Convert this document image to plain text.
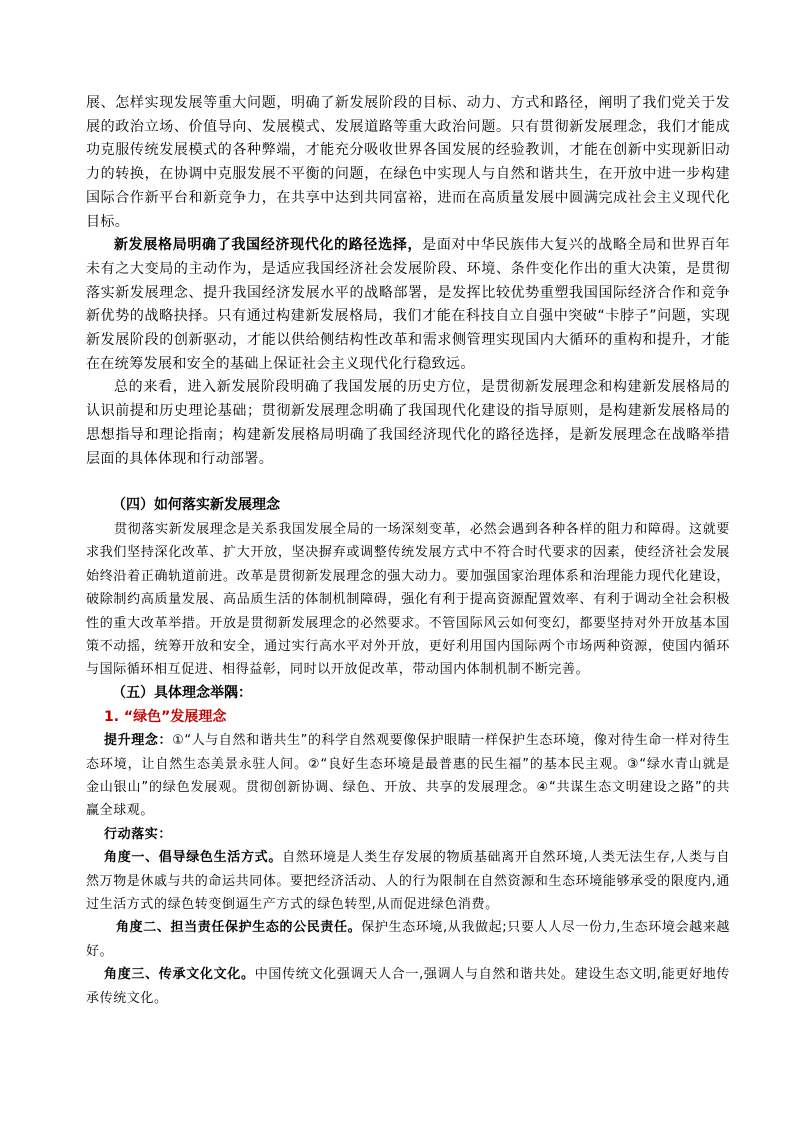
展、怎样实现发展等重大问题，明确了新发展阶段的目标、动力、方式和路径，阐明了我们党关于发展的政治立场、价值导向、发展模式、发展道路等重大政治问题。只有贯彻新发展理念，我们才能成功克服传统发展模式的各种弊端，才能充分吸收世界各国发展的经验教训，才能在创新中实现新旧动力的转换，在协调中克服发展不平衡的问题，在绿色中实现人与自然和谐共生，在开放中进一步构建国际合作新平台和新竞争力，在共享中达到共同富裕，进而在高质量发展中圆满完成社会主义现代化目标。

新发展格局明确了我国经济现代化的路径选择，是面对中华民族伟大复兴的战略全局和世界百年未有之大变局的主动作为，是适应我国经济社会发展阶段、环境、条件变化作出的重大决策，是贯彻落实新发展理念、提升我国经济发展水平的战略部署，是发挥比较优势重塑我国国际经济合作和竞争新优势的战略抉择。只有通过构建新发展格局，我们才能在科技自立自强中突破“卡脖子”问题，实现新发展阶段的创新驱动，才能以供给侧结构性改革和需求侧管理实现国内大循环的重构和提升，才能在在统筹发展和安全的基础上保证社会主义现代化行稳致远。

总的来看，进入新发展阶段明确了我国发展的历史方位，是贯彻新发展理念和构建新发展格局的认识前提和历史理论基础；贯彻新发展理念明确了我国现代化建设的指导原则，是构建新发展格局的思想指导和理论指南；构建新发展格局明确了我国经济现代化的路径选择，是新发展理念在战略举措层面的具体体现和行动部署。

（四）如何落实新发展理念

贯彻落实新发展理念是关系我国发展全局的一场深刻变革，必然会遇到各种各样的阻力和障碍。这就要求我们坚持深化改革、扩大开放，坚决摒弃或调整传统发展方式中不符合时代要求的因素，使经济社会发展始终沿着正确轨道前进。改革是贯彻新发展理念的强大动力。要加强国家治理体系和治理能力现代化建设，破除制约高质量发展、高品质生活的体制机制障碍，强化有利于提高资源配置效率、有利于调动全社会积极性的重大改革举措。开放是贯彻新发展理念的必然要求。不管国际风云如何变幻，都要坚持对外开放基本国策不动摇，统筹开放和安全，通过实行高水平对外开放，更好利用国内国际两个市场两种资源，使国内循环与国际循环相互促进、相得益彰，同时以开放促改革，带动国内体制机制不断完善。

（五）具体理念举隅：

1. “绿色”发展理念

提升理念：①“人与自然和谐共生”的科学自然观要像保护眼睛一样保护生态环境，像对待生命一样对待生态环境，让自然生态美景永驻人间。②“良好生态环境是最普惠的民生福”的基本民主观。③“绿水青山就是金山银山”的绿色发展观。贯彻创新协调、绿色、开放、共享的发展理念。④“共谋生态文明建设之路”的共赢全球观。

行动落实：

角度一、倡导绿色生活方式。自然环境是人类生存发展的物质基础离开自然环境,人类无法生存,人类与自然万物是休戚与共的命运共同体。要把经济活动、人的行为限制在自然资源和生态环境能够承受的限度内,通过生活方式的绿色转变倒逼生产方式的绿色转型,从而促进绿色消费。

角度二、担当责任保护生态的公民责任。保护生态环境,从我做起;只要人人尽一份力,生态环境会越来越好。

角度三、传承文化文化。中国传统文化强调天人合一,强调人与自然和谐共处。建设生态文明,能更好地传承传统文化。
